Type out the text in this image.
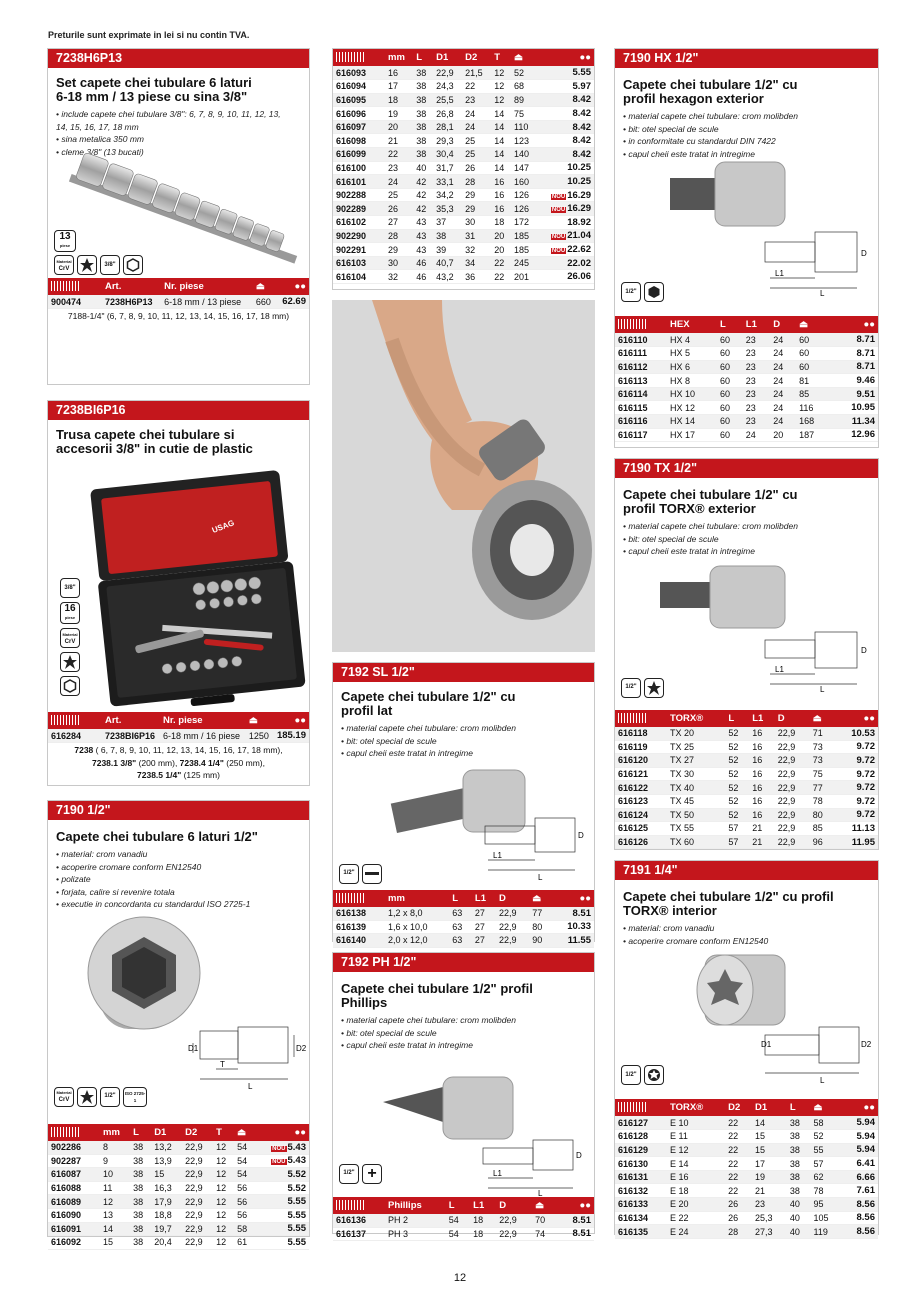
Preturile sunt exprimate in lei si nu contin TVA.
7238H6P13
Set capete chei tubulare 6 laturi
6-18 mm / 13 piese cu sina 3/8"
• include capete chei tubulare 3/8": 6, 7, 8, 9, 10, 11, 12, 13,
14, 15, 16, 17, 18 mm
• sina metalica 350 mm
• cleme 3/8" (13 bucati)
13
piese
Material
CrV
3/8"
	Art.	Nr. piese	⏏	●●
900474	7238H6P13	6-18 mm / 13 piese	660	62.69
7188-1/4" (6, 7, 8, 9, 10, 11, 12, 13, 14, 15, 16, 17, 18 mm)
7238BI6P16
Trusa capete chei tubulare si
accesorii 3/8" in cutie de plastic
USAG
3/8"
16
piese
Material
CrV
	Art.	Nr. piese	⏏	●●
616284	7238BI6P16	6-18 mm / 16 piese	1250	185.19
7238 ( 6, 7, 8, 9, 10, 11, 12, 13, 14, 15, 16, 17, 18 mm),
7238.1 3/8" (200 mm), 7238.4 1/4" (250 mm),
7238.5 1/4" (125 mm)
7190 1/2"
Capete chei tubulare 6 laturi 1/2"
• material: crom vanadiu
• acoperire cromare conform EN12540
• polizate
• forjata, calire si revenire totala
• executie in concordanta cu standardul ISO 2725-1
D1	D2
T
L
Material
CrV
1/2" ISO 2725-1
	mm	L	D1	D2	T	⏏	●●
902286	8	38	13,2	22,9	12	54	NOU 5.43
902287	9	38	13,9	22,9	12	54	NOU 5.43
616087	10	38	15	22,9	12	54	5.52
616088	11	38	16,3	22,9	12	56	5.52
616089	12	38	17,9	22,9	12	56	5.55
616090	13	38	18,8	22,9	12	56	5.55
616091	14	38	19,7	22,9	12	58	5.55
616092	15	38	20,4	22,9	12	61	5.55
	mm	L	D1	D2	T	⏏	●●
616093	16	38	22,9	21,5	12	52	5.55
616094	17	38	24,3	22	12	68	5.97
616095	18	38	25,5	23	12	89	8.42
616096	19	38	26,8	24	14	75	8.42
616097	20	38	28,1	24	14	110	8.42
616098	21	38	29,3	25	14	123	8.42
616099	22	38	30,4	25	14	140	8.42
616100	23	40	31,7	26	14	147	10.25
616101	24	42	33,1	28	16	160	10.25
902288	25	42	34,2	29	16	126	NOU 16.29
902289	26	42	35,3	29	16	126	NOU 16.29
616102	27	43	37	30	18	172	18.92
902290	28	43	38	31	20	185	NOU 21.04
902291	29	43	39	32	20	185	NOU 22.62
616103	30	46	40,7	34	22	245	22.02
616104	32	46	43,2	36	22	201	26.06
7192 SL 1/2"
Capete chei tubulare 1/2" cu
profil lat
• material capete chei tubulare: crom molibden
• bit: otel special de scule
• capul cheii este tratat in intregime
D
L1
L
1/2"
	mm	L	L1	D	⏏	●●
616138	1,2 x 8,0	63	27	22,9	77	8.51
616139	1,6 x 10,0	63	27	22,9	80	10.33
616140	2,0 x 12,0	63	27	22,9	90	11.55
7192 PH 1/2"
Capete chei tubulare 1/2" profil
Phillips
• material capete chei tubulare: crom molibden
• bit: otel special de scule
• capul cheii este tratat in intregime
D
L1
L
1/2" +
	Phillips	L	L1	D	⏏	●●
616136	PH 2	54	18	22,9	70	8.51
616137	PH 3	54	18	22,9	74	8.51
7190 HX 1/2"
Capete chei tubulare 1/2" cu
profil hexagon exterior
• material capete chei tubulare: crom molibden
• bit: otel special de scule
• in conformitate cu standardul DIN 7422
• capul cheii este tratat in intregime
D
L1
L
1/2"
	HEX	L	L1	D	⏏	●●
616110	HX 4	60	23	24	60	8.71
616111	HX 5	60	23	24	60	8.71
616112	HX 6	60	23	24	60	8.71
616113	HX 8	60	23	24	81	9.46
616114	HX 10	60	23	24	85	9.51
616115	HX 12	60	23	24	116	10.95
616116	HX 14	60	23	24	168	11.34
616117	HX 17	60	24	20	187	12.96
7190 TX 1/2"
Capete chei tubulare 1/2" cu
profil TORX® exterior
• material capete chei tubulare: crom molibden
• bit: otel special de scule
• capul cheii este tratat in intregime
D
L1
L
1/2"
	TORX®	L	L1	D	⏏	●●
616118	TX 20	52	16	22,9	71	10.53
616119	TX 25	52	16	22,9	73	9.72
616120	TX 27	52	16	22,9	73	9.72
616121	TX 30	52	16	22,9	75	9.72
616122	TX 40	52	16	22,9	77	9.72
616123	TX 45	52	16	22,9	78	9.72
616124	TX 50	52	16	22,9	80	9.72
616125	TX 55	57	21	22,9	85	11.13
616126	TX 60	57	21	22,9	96	11.95
7191 1/4"
Capete chei tubulare 1/2" cu profil
TORX® interior
• material: crom vanadiu
• acoperire cromare conform EN12540
D1	D2
L
1/2"
	TORX®	D2	D1	L	⏏	●●
616127	E 10	22	14	38	58	5.94
616128	E 11	22	15	38	52	5.94
616129	E 12	22	15	38	55	5.94
616130	E 14	22	17	38	57	6.41
616131	E 16	22	19	38	62	6.66
616132	E 18	22	21	38	78	7.61
616133	E 20	26	23	40	95	8.56
616134	E 22	26	25,3	40	105	8.56
616135	E 24	28	27,3	40	119	8.56
12
